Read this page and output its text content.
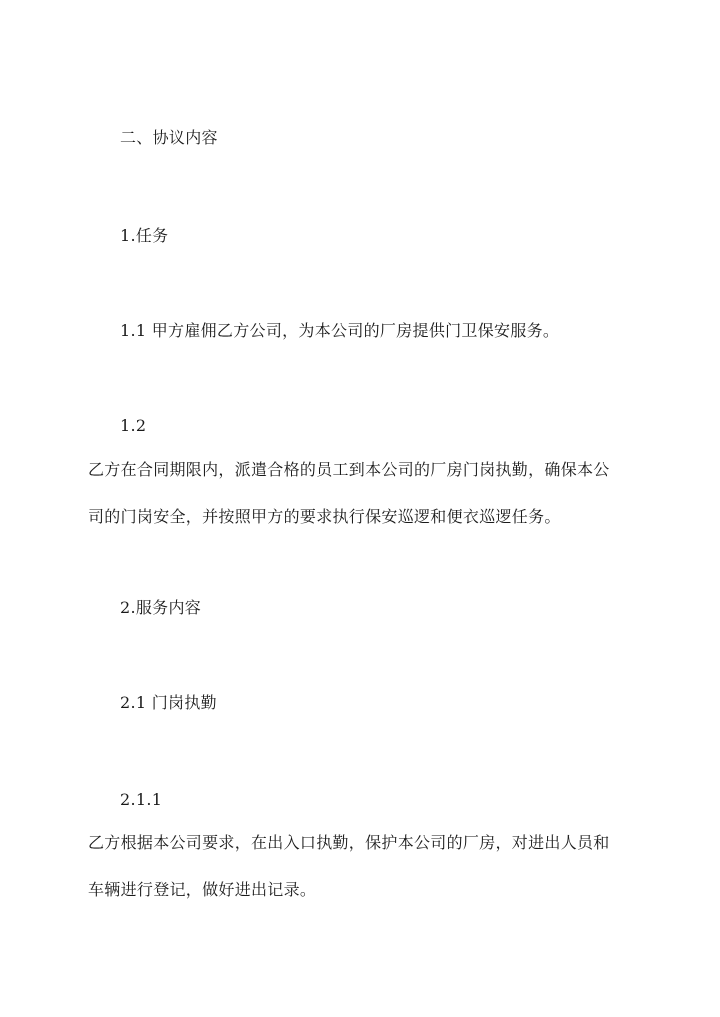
二、协议内容
1.任务
1.1 甲方雇佣乙方公司，为本公司的厂房提供门卫保安服务。
1.2
乙方在合同期限内，派遣合格的员工到本公司的厂房门岗执勤，确保本公
司的门岗安全，并按照甲方的要求执行保安巡逻和便衣巡逻任务。
2.服务内容
2.1 门岗执勤
2.1.1
乙方根据本公司要求，在出入口执勤，保护本公司的厂房，对进出人员和
车辆进行登记，做好进出记录。
